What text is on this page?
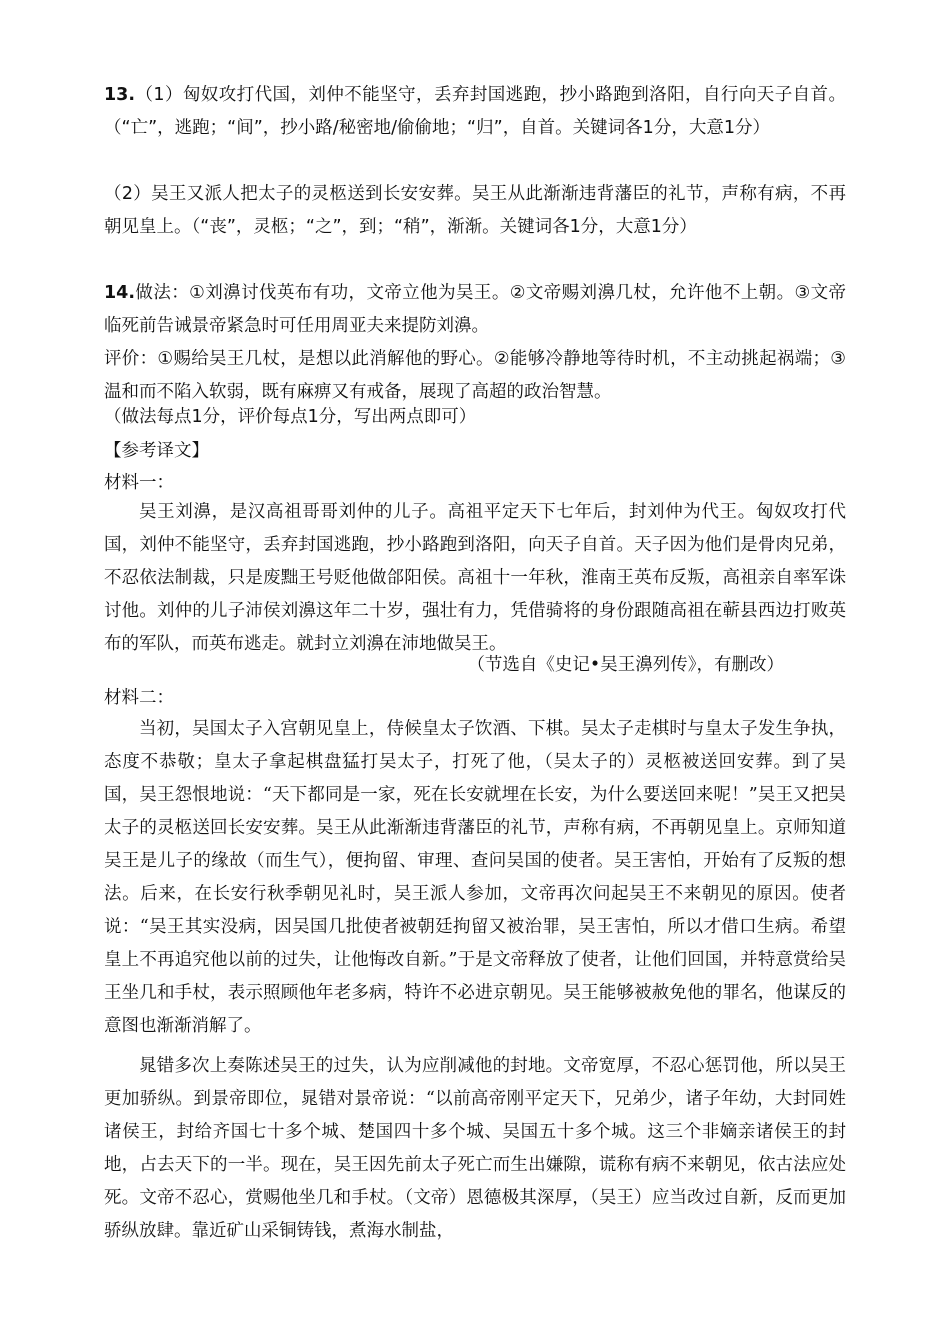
13.（1）匈奴攻打代国，刘仲不能坚守，丢弃封国逃跑，抄小路跑到洛阳，自行向天子自首。（“亡”，逃跑；“间”，抄小路/秘密地/偷偷地；“归”，自首。关键词各1分，大意1分）

（2）吴王又派人把太子的灵柩送到长安安葬。吴王从此渐渐违背藩臣的礼节，声称有病，不再朝见皇上。（“丧”，灵柩；“之”，到；“稍”，渐渐。关键词各1分，大意1分）

14.做法：①刘濞讨伐英布有功，文帝立他为吴王。②文帝赐刘濞几杖，允许他不上朝。③文帝临死前告诫景帝紧急时可任用周亚夫来提防刘濞。

评价：①赐给吴王几杖，是想以此消解他的野心。②能够冷静地等待时机，不主动挑起祸端；③温和而不陷入软弱，既有麻痹又有戒备，展现了高超的政治智慧。

（做法每点1分，评价每点1分，写出两点即可）

【参考译文】
材料一：

吴王刘濞，是汉高祖哥哥刘仲的儿子。高祖平定天下七年后，封刘仲为代王。匈奴攻打代国，刘仲不能坚守，丢弃封国逃跑，抄小路跑到洛阳，向天子自首。天子因为他们是骨肉兄弟，不忍依法制裁，只是废黜王号贬他做郃阳侯。高祖十一年秋，淮南王英布反叛，高祖亲自率军诛讨他。刘仲的儿子沛侯刘濞这年二十岁，强壮有力，凭借骑将的身份跟随高祖在蕲县西边打败英布的军队，而英布逃走。就封立刘濞在沛地做吴王。

（节选自《史记•吴王濞列传》，有删改）
材料二：

当初，吴国太子入宫朝见皇上，侍候皇太子饮酒、下棋。吴太子走棋时与皇太子发生争执，态度不恭敬；皇太子拿起棋盘猛打吴太子，打死了他，（吴太子的）灵柩被送回安葬。到了吴国，吴王怨恨地说：“天下都同是一家，死在长安就埋在长安，为什么要送回来呢！”吴王又把吴太子的灵柩送回长安安葬。吴王从此渐渐违背藩臣的礼节，声称有病，不再朝见皇上。京师知道吴王是儿子的缘故（而生气），便拘留、审理、查问吴国的使者。吴王害怕，开始有了反叛的想法。后来，在长安行秋季朝见礼时，吴王派人参加，文帝再次问起吴王不来朝见的原因。使者说：“吴王其实没病，因吴国几批使者被朝廷拘留又被治罪，吴王害怕，所以才借口生病。希望皇上不再追究他以前的过失，让他悔改自新。”于是文帝释放了使者，让他们回国，并特意赏给吴王坐几和手杖，表示照顾他年老多病，特许不必进京朝见。吴王能够被赦免他的罪名，他谋反的意图也渐渐消解了。

晁错多次上奏陈述吴王的过失，认为应削减他的封地。文帝宽厚，不忍心惩罚他，所以吴王更加骄纵。到景帝即位，晁错对景帝说：“以前高帝刚平定天下，兄弟少，诸子年幼，大封同姓诸侯王，封给齐国七十多个城、楚国四十多个城、吴国五十多个城。这三个非嫡亲诸侯王的封地，占去天下的一半。现在，吴王因先前太子死亡而生出嫌隙，谎称有病不来朝见，依古法应处死。文帝不忍心，赏赐他坐几和手杖。（文帝）恩德极其深厚，（吴王）应当改过自新，反而更加骄纵放肆。靠近矿山采铜铸钱，煮海水制盐，
